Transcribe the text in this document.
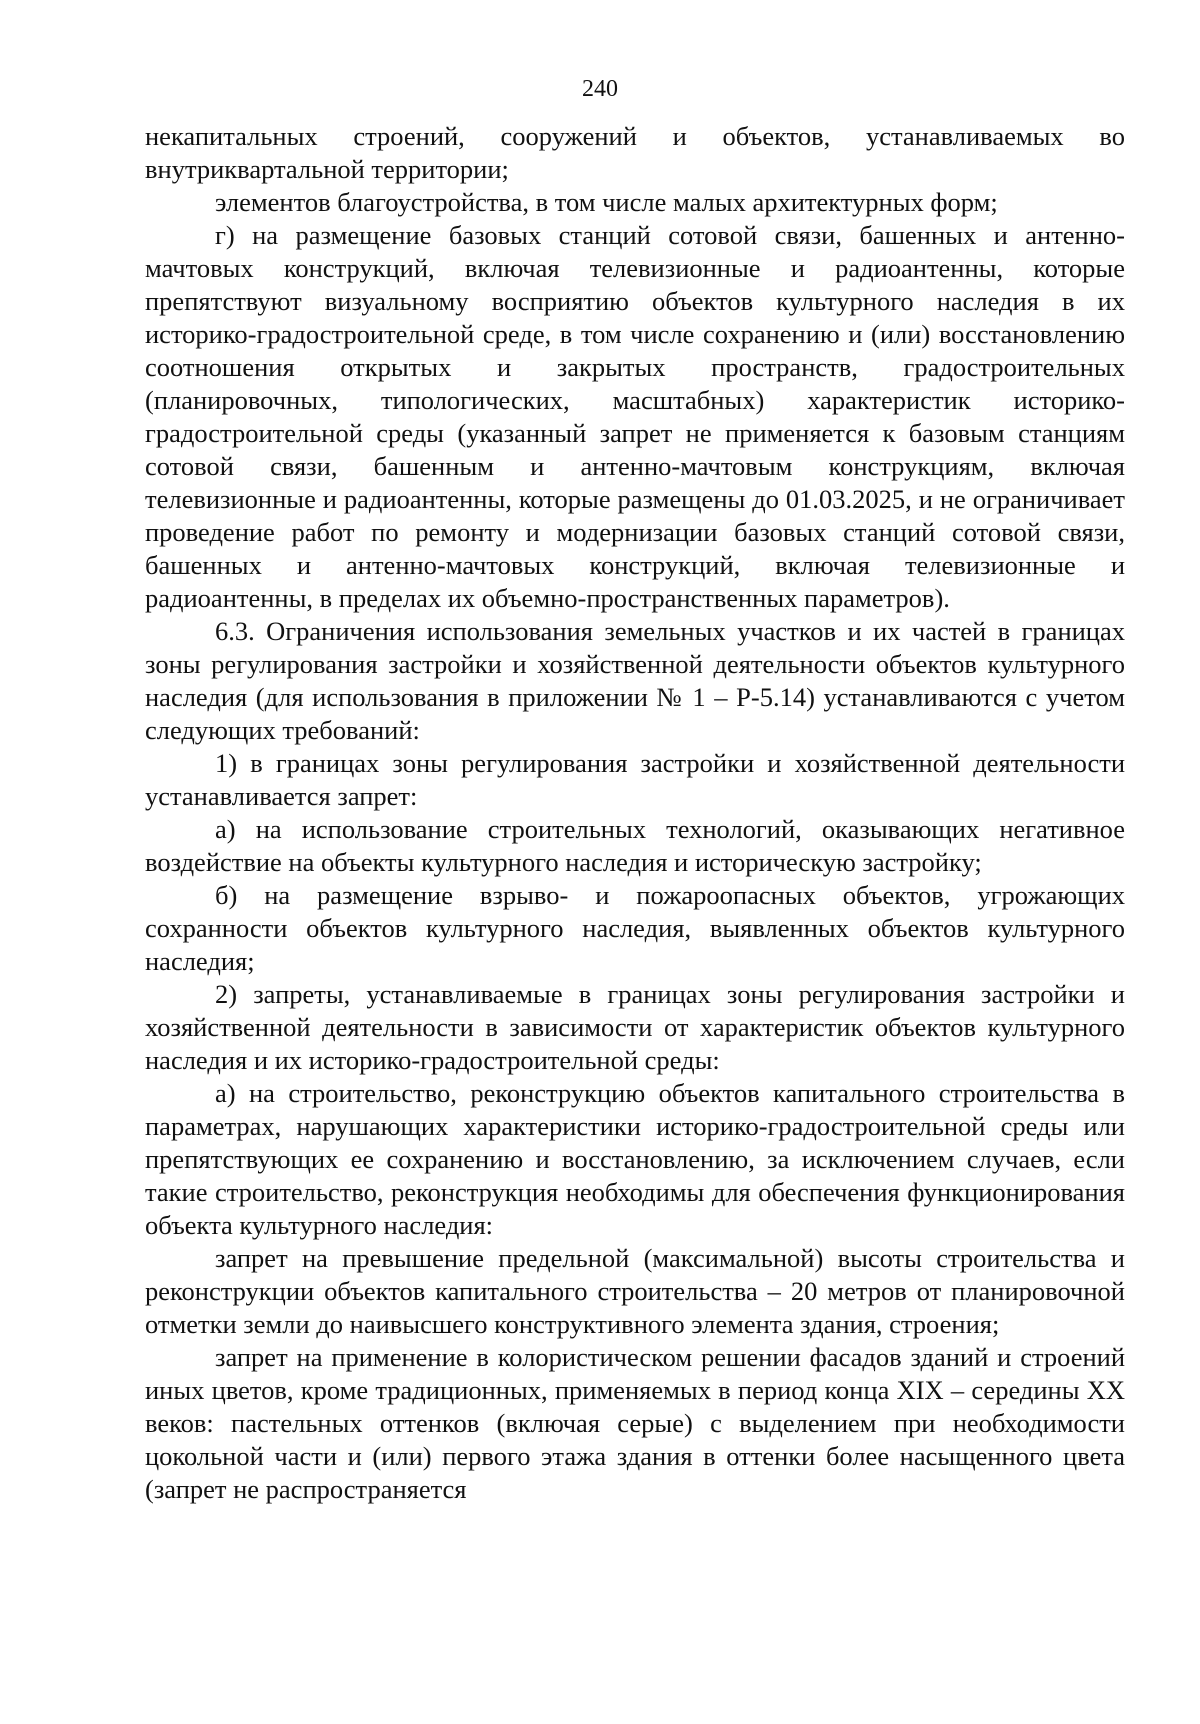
240

некапитальных строений, сооружений и объектов, устанавливаемых во внутриквартальной территории;

элементов благоустройства, в том числе малых архитектурных форм;

г) на размещение базовых станций сотовой связи, башенных и антенно-мачтовых конструкций, включая телевизионные и радиоантенны, которые препятствуют визуальному восприятию объектов культурного наследия в их историко-градостроительной среде, в том числе сохранению и (или) восстановлению соотношения открытых и закрытых пространств, градостроительных (планировочных, типологических, масштабных) характеристик историко-градостроительной среды (указанный запрет не применяется к базовым станциям сотовой связи, башенным и антенно-мачтовым конструкциям, включая телевизионные и радиоантенны, которые размещены до 01.03.2025, и не ограничивает проведение работ по ремонту и модернизации базовых станций сотовой связи, башенных и антенно-мачтовых конструкций, включая телевизионные и радиоантенны, в пределах их объемно-пространственных параметров).

6.3. Ограничения использования земельных участков и их частей в границах зоны регулирования застройки и хозяйственной деятельности объектов культурного наследия (для использования в приложении № 1 – Р-5.14) устанавливаются с учетом следующих требований:

1) в границах зоны регулирования застройки и хозяйственной деятельности устанавливается запрет:

а) на использование строительных технологий, оказывающих негативное воздействие на объекты культурного наследия и историческую застройку;

б) на размещение взрыво- и пожароопасных объектов, угрожающих сохранности объектов культурного наследия, выявленных объектов культурного наследия;

2) запреты, устанавливаемые в границах зоны регулирования застройки и хозяйственной деятельности в зависимости от характеристик объектов культурного наследия и их историко-градостроительной среды:

а) на строительство, реконструкцию объектов капитального строительства в параметрах, нарушающих характеристики историко-градостроительной среды или препятствующих ее сохранению и восстановлению, за исключением случаев, если такие строительство, реконструкция необходимы для обеспечения функционирования объекта культурного наследия:

запрет на превышение предельной (максимальной) высоты строительства и реконструкции объектов капитального строительства – 20 метров от планировочной отметки земли до наивысшего конструктивного элемента здания, строения;

запрет на применение в колористическом решении фасадов зданий и строений иных цветов, кроме традиционных, применяемых в период конца XIX – середины XX веков: пастельных оттенков (включая серые) с выделением при необходимости цокольной части и (или) первого этажа здания в оттенки более насыщенного цвета (запрет не распространяется
